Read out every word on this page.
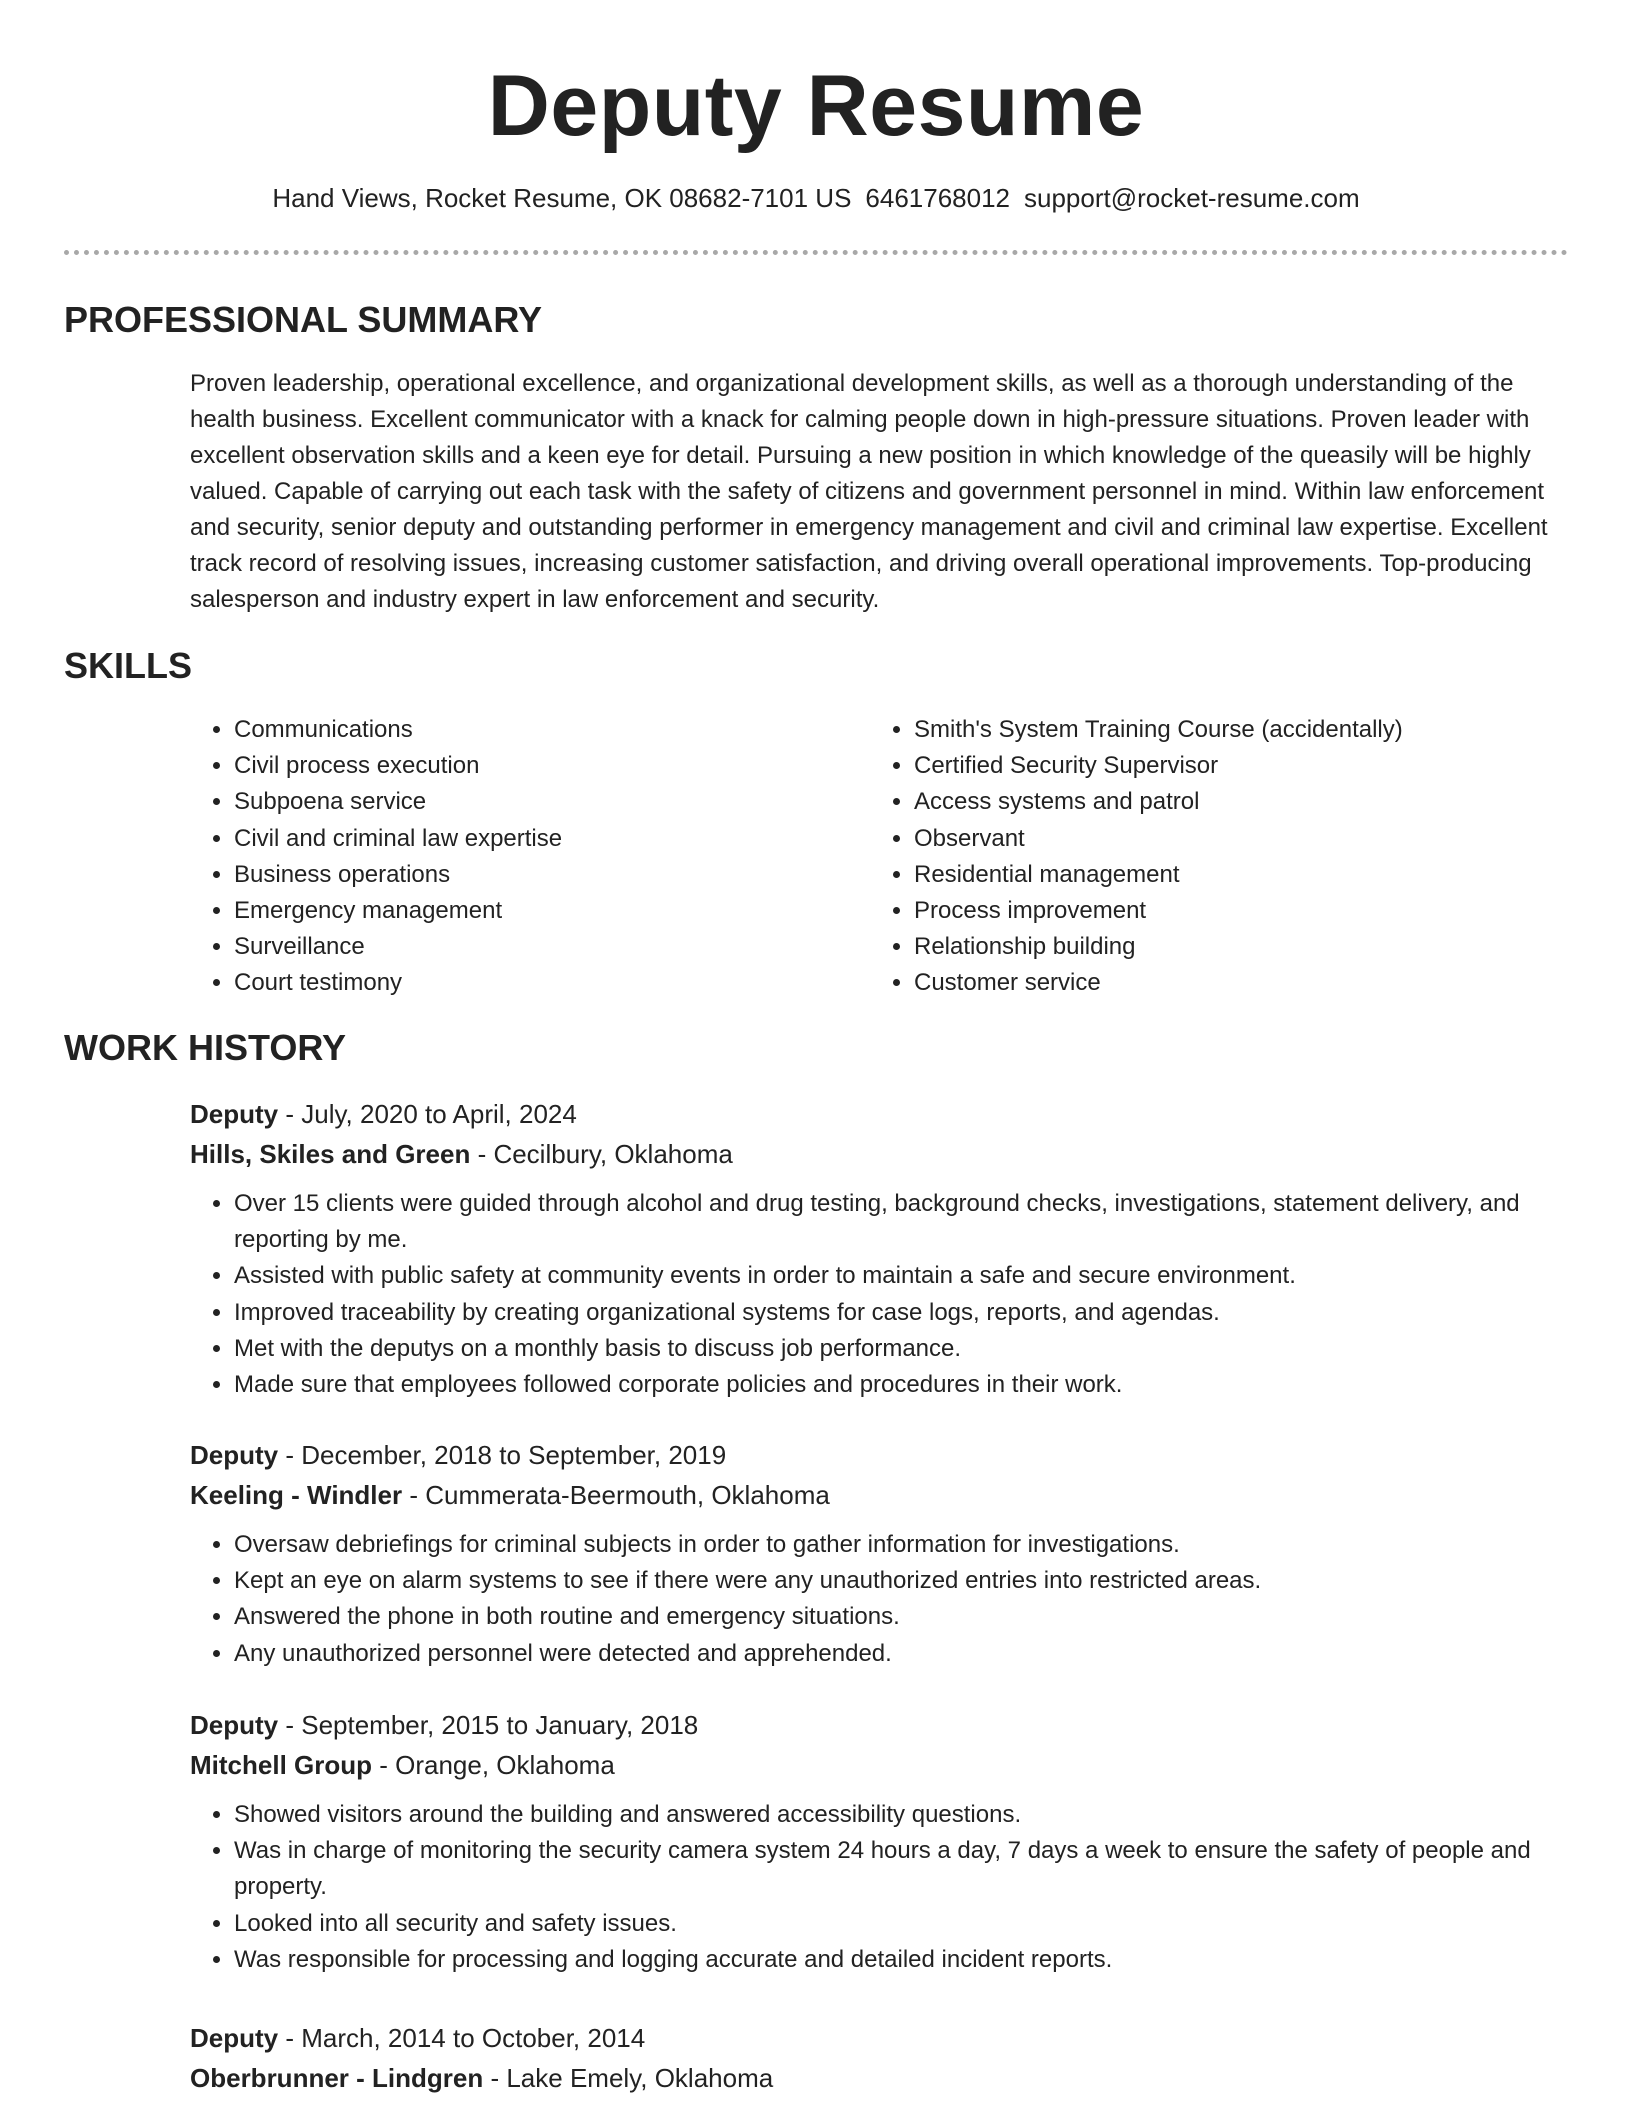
Deputy Resume
Hand Views, Rocket Resume, OK 08682-7101 US 6461768012 support@rocket-resume.com
PROFESSIONAL SUMMARY

Proven leadership, operational excellence, and organizational development skills, as well as a thorough understanding of the health business. Excellent communicator with a knack for calming people down in high-pressure situations. Proven leader with excellent observation skills and a keen eye for detail. Pursuing a new position in which knowledge of the queasily will be highly valued. Capable of carrying out each task with the safety of citizens and government personnel in mind. Within law enforcement and security, senior deputy and outstanding performer in emergency management and civil and criminal law expertise. Excellent track record of resolving issues, increasing customer satisfaction, and driving overall operational improvements. Top-producing salesperson and industry expert in law enforcement and security.

SKILLS
• Communications
• Civil process execution
• Subpoena service
• Civil and criminal law expertise
• Business operations
• Emergency management
• Surveillance
• Court testimony
• Smith's System Training Course (accidentally)
• Certified Security Supervisor
• Access systems and patrol
• Observant
• Residential management
• Process improvement
• Relationship building
• Customer service
WORK HISTORY

Deputy - July, 2020 to April, 2024

Hills, Skiles and Green - Cecilbury, Oklahoma

• Over 15 clients were guided through alcohol and drug testing, background checks, investigations, statement delivery, and reporting by me.
• Assisted with public safety at community events in order to maintain a safe and secure environment.
• Improved traceability by creating organizational systems for case logs, reports, and agendas.
• Met with the deputys on a monthly basis to discuss job performance.
• Made sure that employees followed corporate policies and procedures in their work.

Deputy - December, 2018 to September, 2019

Keeling - Windler - Cummerata-Beermouth, Oklahoma

• Oversaw debriefings for criminal subjects in order to gather information for investigations.
• Kept an eye on alarm systems to see if there were any unauthorized entries into restricted areas.
• Answered the phone in both routine and emergency situations.
• Any unauthorized personnel were detected and apprehended.

Deputy - September, 2015 to January, 2018

Mitchell Group - Orange, Oklahoma

• Showed visitors around the building and answered accessibility questions.
• Was in charge of monitoring the security camera system 24 hours a day, 7 days a week to ensure the safety of people and property.
• Looked into all security and safety issues.
• Was responsible for processing and logging accurate and detailed incident reports.

Deputy - March, 2014 to October, 2014

Oberbrunner - Lindgren - Lake Emely, Oklahoma
